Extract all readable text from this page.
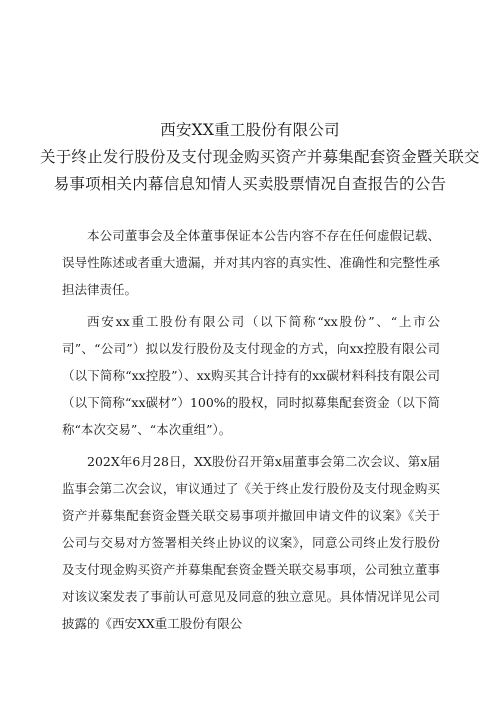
西安XX重工股份有限公司
关于终止发行股份及支付现金购买资产并募集配套资金暨关联交
易事项相关内幕信息知情人买卖股票情况自查报告的公告

本公司董事会及全体董事保证本公告内容不存在任何虚假记载、误导性陈述或者重大遗漏，并对其内容的真实性、准确性和完整性承担法律责任。

西安xx重工股份有限公司（以下简称“xx股份”、“上市公司”、“公司”）拟以发行股份及支付现金的方式，向xx控股有限公司（以下简称“xx控股”）、xx购买其合计持有的xx碳材料科技有限公司（以下简称“xx碳材”）100%的股权，同时拟募集配套资金（以下简称“本次交易”、“本次重组”）。

202X年6月28日，XX股份召开第x届董事会第二次会议、第x届监事会第二次会议，审议通过了《关于终止发行股份及支付现金购买资产并募集配套资金暨关联交易事项并撤回申请文件的议案》《关于公司与交易对方签署相关终止协议的议案》，同意公司终止发行股份及支付现金购买资产并募集配套资金暨关联交易事项，公司独立董事对该议案发表了事前认可意见及同意的独立意见。具体情况详见公司披露的《西安XX重工股份有限公
